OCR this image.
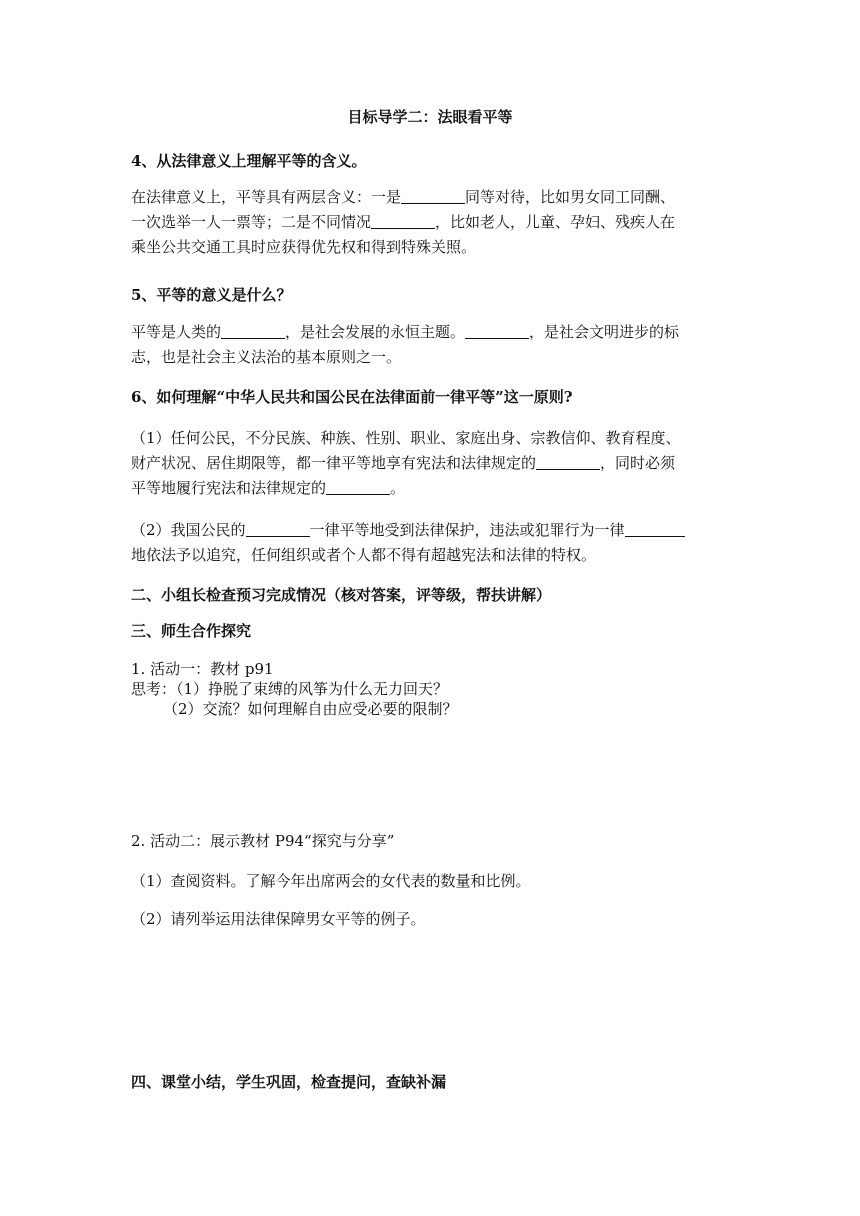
目标导学二：法眼看平等
4、从法律意义上理解平等的含义。
在法律意义上，平等具有两层含义：一是	同等对待，比如男女同工同酬、
一次选举一人一票等；二是不同情况	，比如老人，儿童、孕妇、残疾人在
乘坐公共交通工具时应获得优先权和得到特殊关照。
5、平等的意义是什么？
平等是人类的	，是社会发展的永恒主题。	，是社会文明进步的标
志，也是社会主义法治的基本原则之一。
6、如何理解“中华人民共和国公民在法律面前一律平等”这一原则?
（1）任何公民，不分民族、种族、性别、职业、家庭出身、宗教信仰、教育程度、
财产状况、居住期限等，都一律平等地享有宪法和法律规定的	，同时必须
平等地履行宪法和法律规定的	。
（2）我国公民的	一律平等地受到法律保护，违法或犯罪行为一律
地依法予以追究，任何组织或者个人都不得有超越宪法和法律的特权。
二、小组长检查预习完成情况（核对答案，评等级，帮扶讲解）
三、师生合作探究
1. 活动一：教材 p91
思考：（1）挣脱了束缚的风筝为什么无力回天？
（2）交流？如何理解自由应受必要的限制？
2. 活动二：展示教材 P94“探究与分享”
（1）查阅资料。了解今年出席两会的女代表的数量和比例。
（2）请列举运用法律保障男女平等的例子。
四、课堂小结，学生巩固，检查提问，查缺补漏
